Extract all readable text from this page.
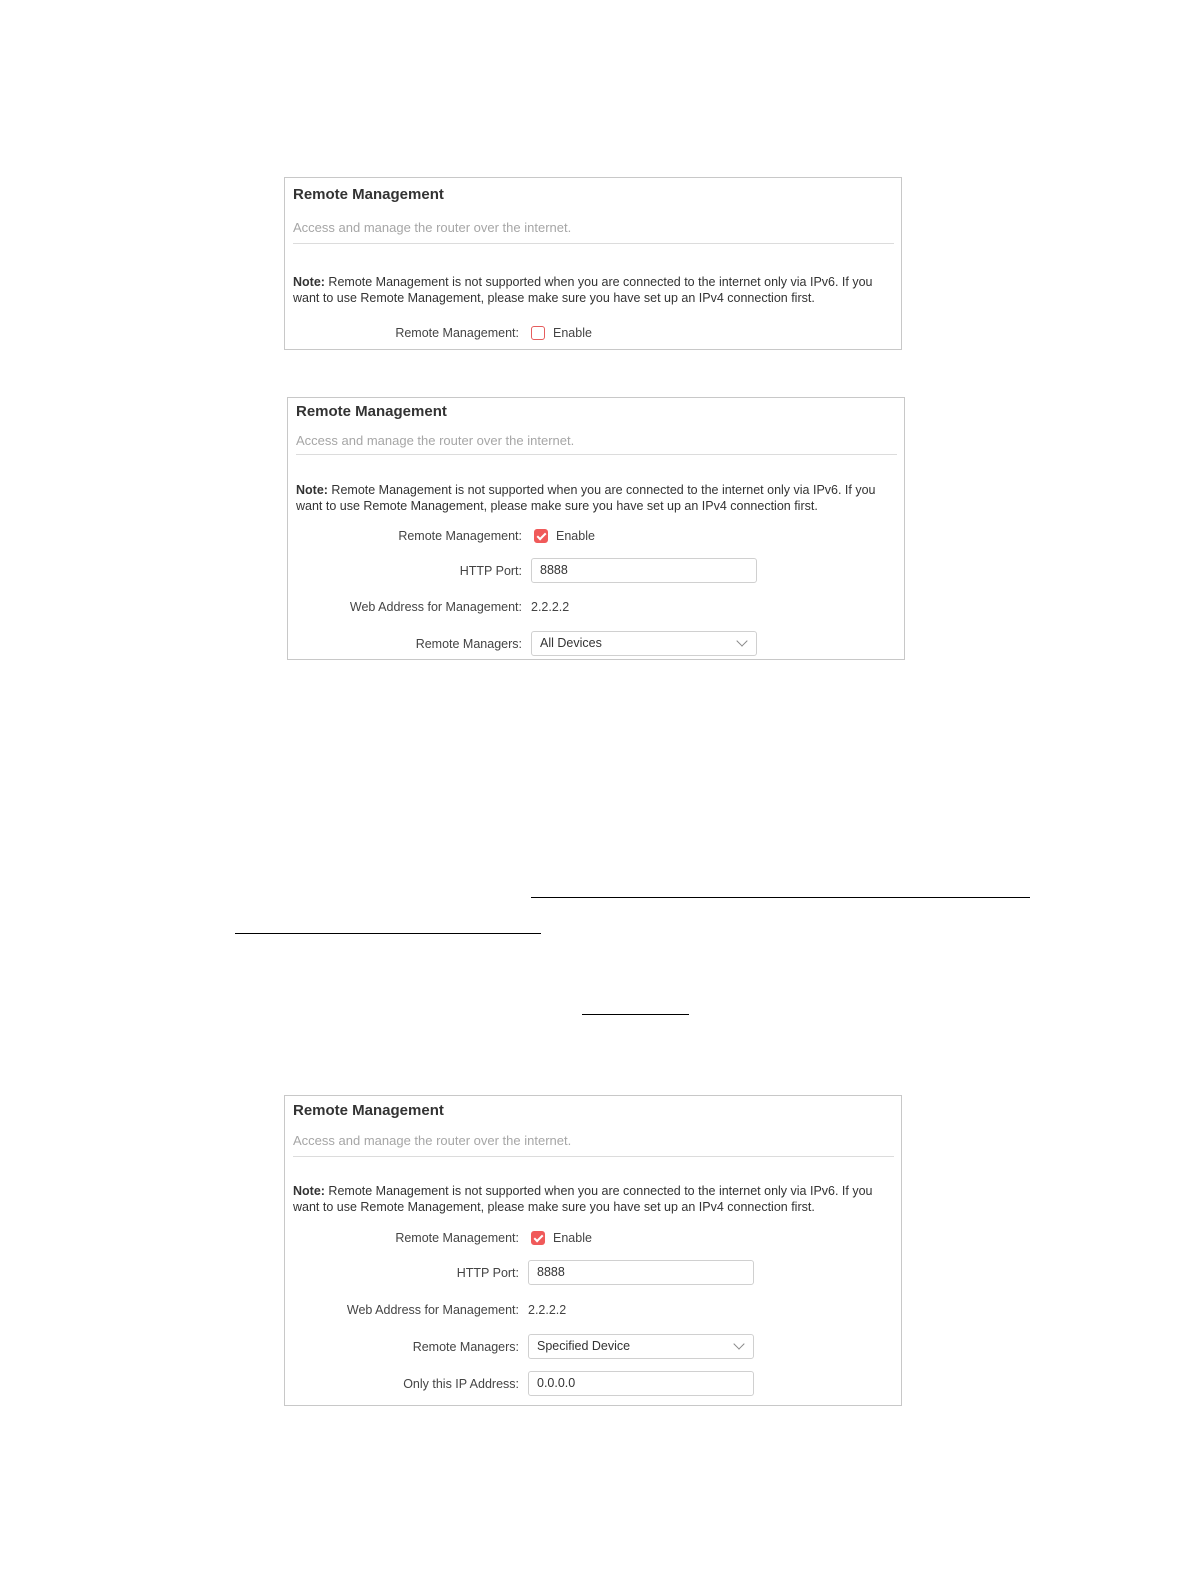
Remote Management
Access and manage the router over the internet.
Note: Remote Management is not supported when you are connected to the internet only via IPv6. If you want to use Remote Management, please make sure you have set up an IPv4 connection first.
Remote Management:	Enable
Remote Management
Access and manage the router over the internet.
Note: Remote Management is not supported when you are connected to the internet only via IPv6. If you want to use Remote Management, please make sure you have set up an IPv4 connection first.
Remote Management:	Enable
HTTP Port:	8888
Web Address for Management: 2.2.2.2
Remote Managers:	All Devices
Remote Management
Access and manage the router over the internet.
Note: Remote Management is not supported when you are connected to the internet only via IPv6. If you want to use Remote Management, please make sure you have set up an IPv4 connection first.
Remote Management:	Enable
HTTP Port:	8888
Web Address for Management: 2.2.2.2
Remote Managers:	Specified Device
Only this IP Address:	0.0.0.0
